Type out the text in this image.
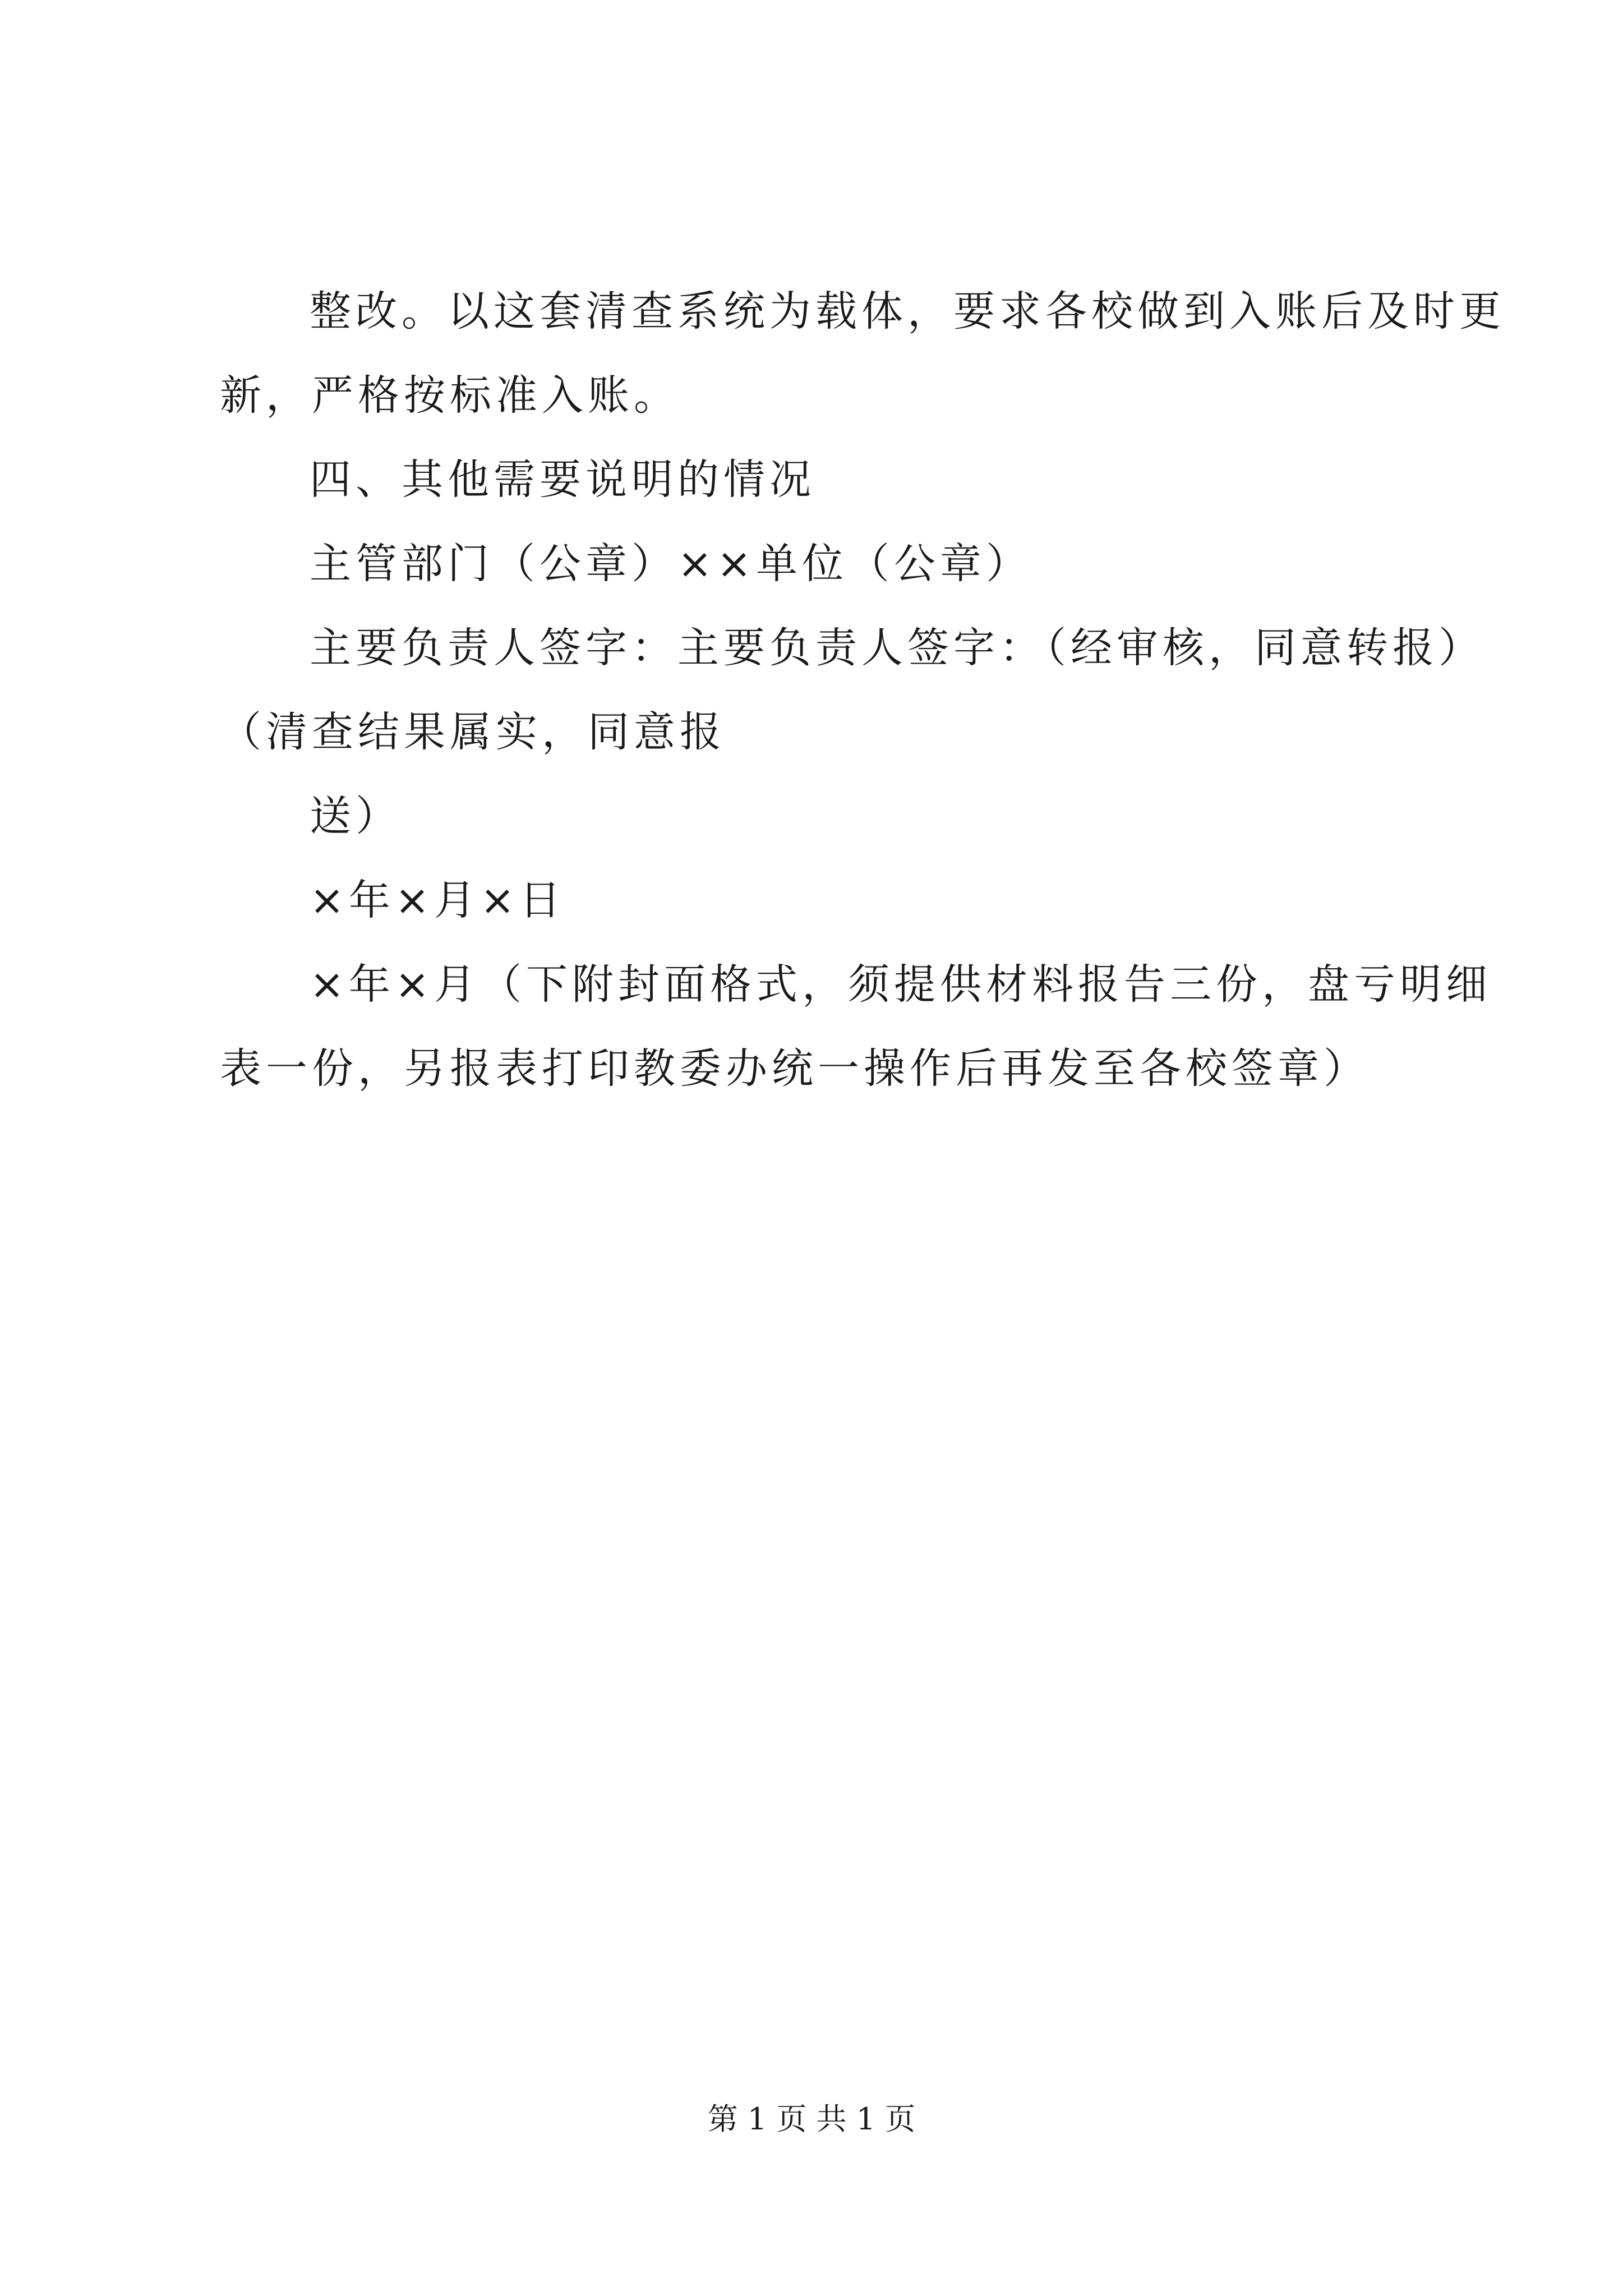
整改。以这套清查系统为载体，要求各校做到入账后及时更
新，严格按标准入账。
四、其他需要说明的情况
主管部门（公章）××单位（公章）
主要负责人签字：主要负责人签字：（经审核，同意转报）
（清查结果属实，同意报
送）
×年×月×日
×年×月（下附封面格式，须提供材料报告三份，盘亏明细
表一份，另报表打印教委办统一操作后再发至各校签章）
第 1 页 共 1 页
